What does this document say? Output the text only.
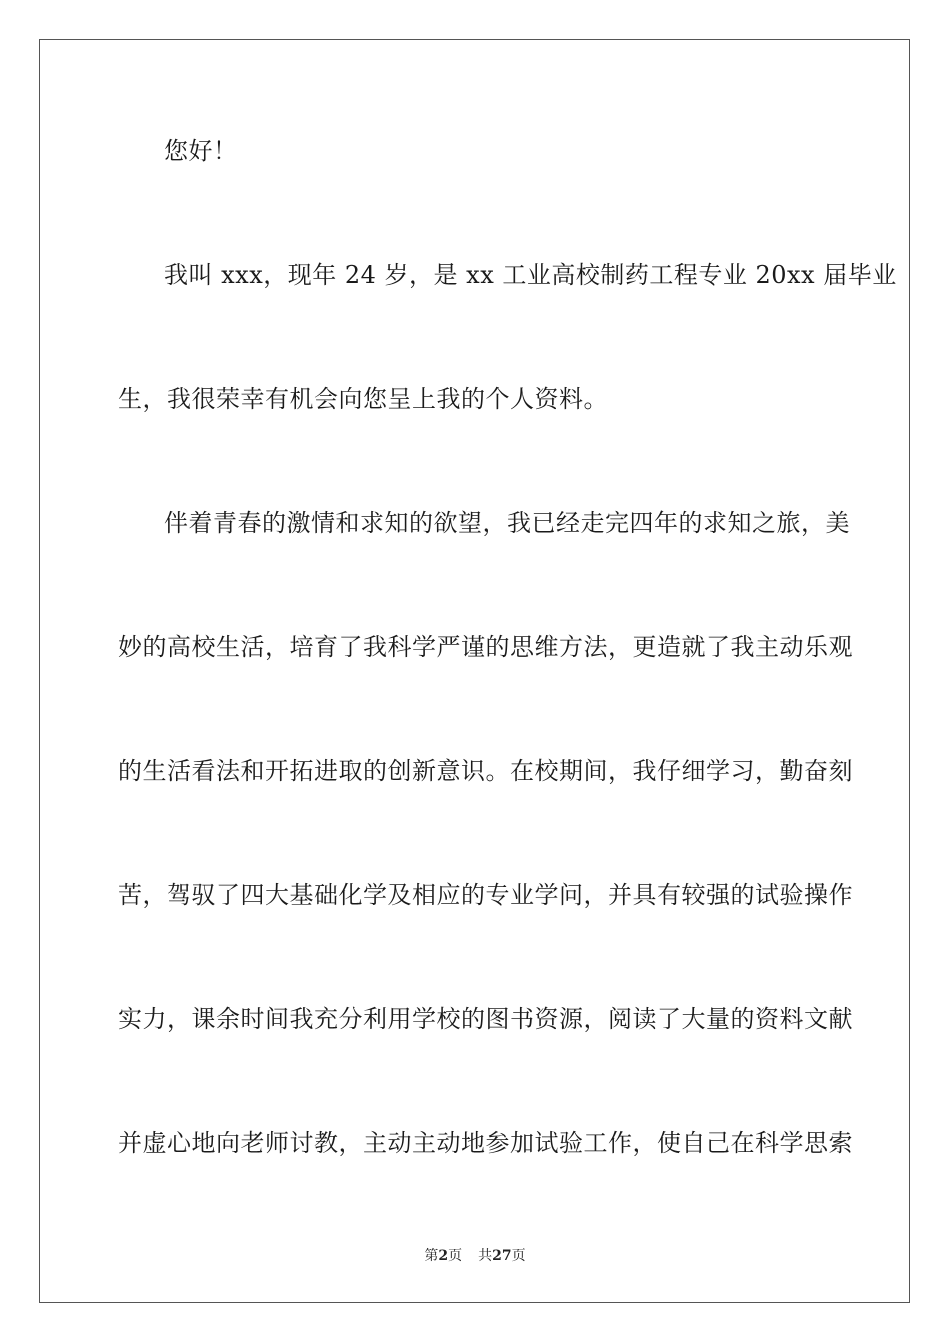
您好！
我叫 xxx，现年 24 岁，是 xx 工业高校制药工程专业 20xx 届毕业
生，我很荣幸有机会向您呈上我的个人资料。
伴着青春的激情和求知的欲望，我已经走完四年的求知之旅，美
妙的高校生活，培育了我科学严谨的思维方法，更造就了我主动乐观
的生活看法和开拓进取的创新意识。在校期间，我仔细学习，勤奋刻
苦，驾驭了四大基础化学及相应的专业学问，并具有较强的试验操作
实力，课余时间我充分利用学校的图书资源，阅读了大量的资料文献
并虚心地向老师讨教，主动主动地参加试验工作，使自己在科学思索
第2页 共27页
